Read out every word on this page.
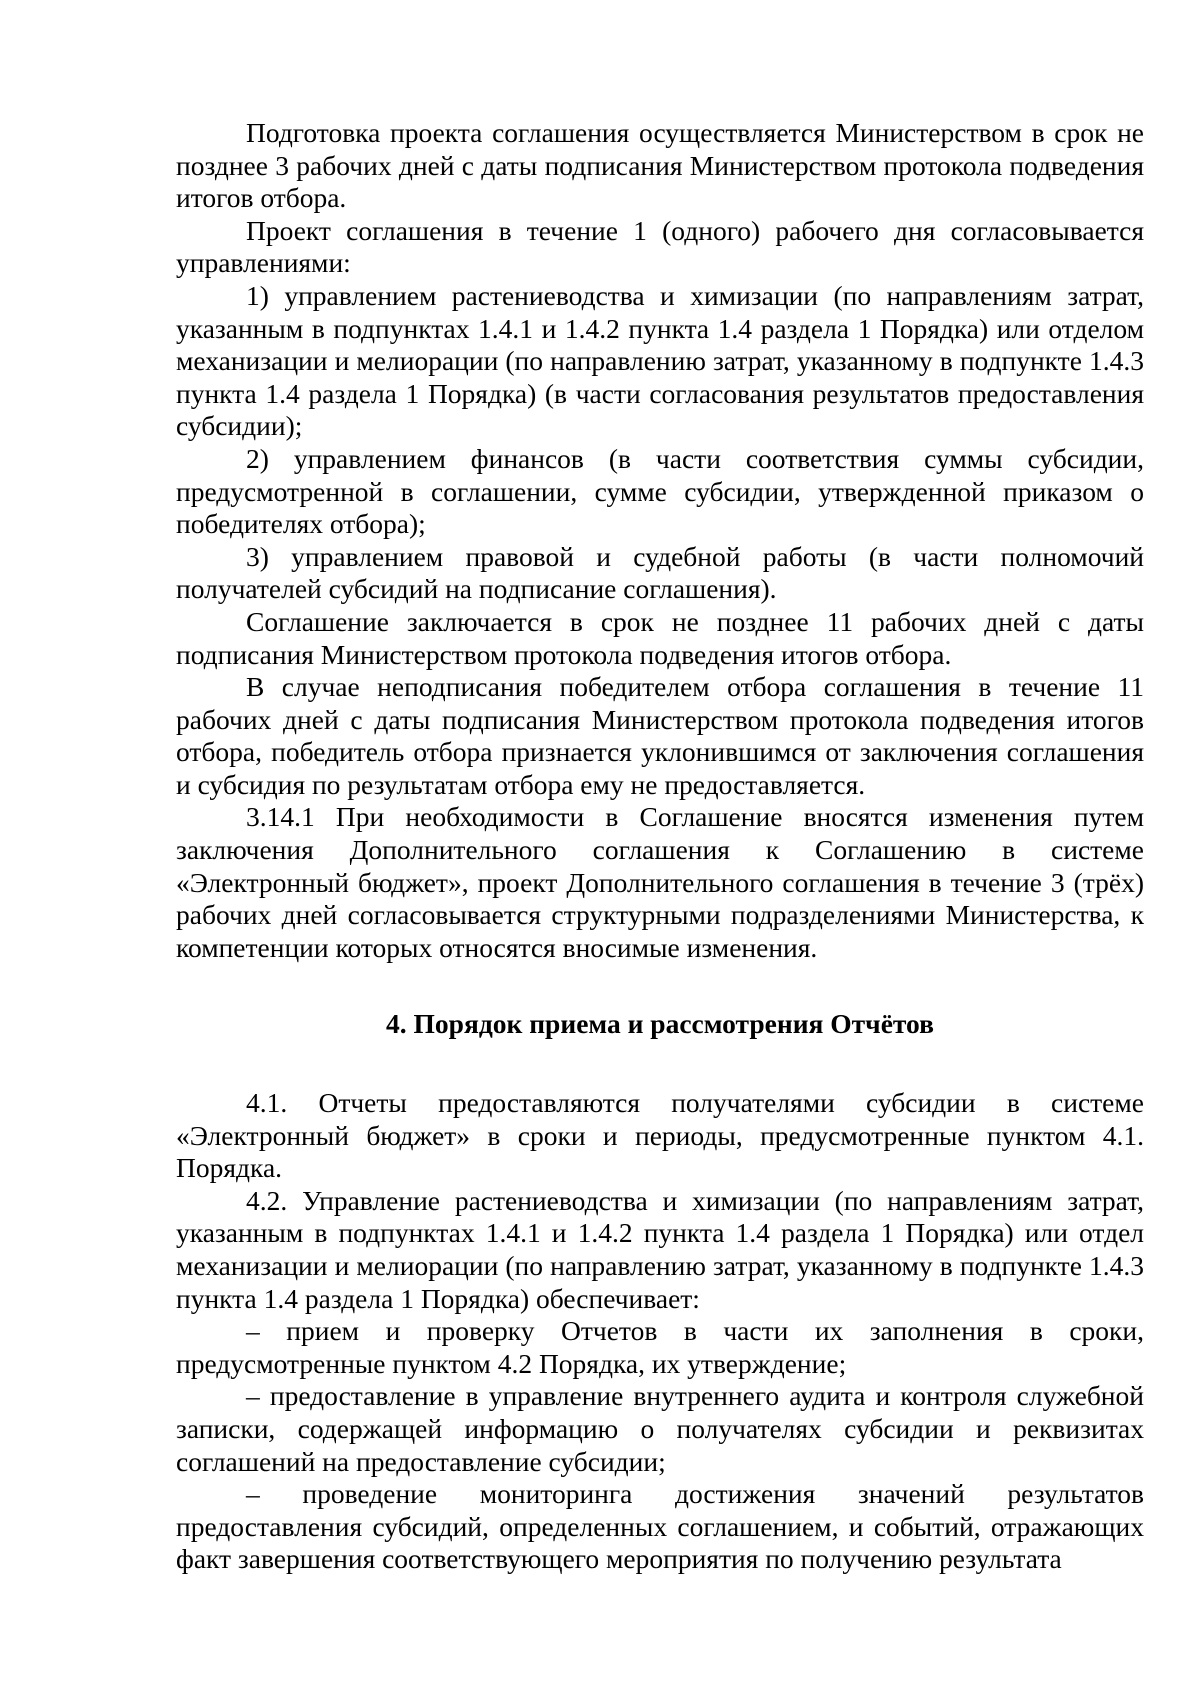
Подготовка проекта соглашения осуществляется Министерством в срок не позднее 3 рабочих дней с даты подписания Министерством протокола подведения итогов отбора.

Проект соглашения в течение 1 (одного) рабочего дня согласовывается управлениями:

1) управлением растениеводства и химизации (по направлениям затрат, указанным в подпунктах 1.4.1 и 1.4.2 пункта 1.4 раздела 1 Порядка) или отделом механизации и мелиорации (по направлению затрат, указанному в подпункте 1.4.3 пункта 1.4 раздела 1 Порядка) (в части согласования результатов предоставления субсидии);

2) управлением финансов (в части соответствия суммы субсидии, предусмотренной в соглашении, сумме субсидии, утвержденной приказом о победителях отбора);

3) управлением правовой и судебной работы (в части полномочий получателей субсидий на подписание соглашения).

Соглашение заключается в срок не позднее 11 рабочих дней с даты подписания Министерством протокола подведения итогов отбора.

В случае неподписания победителем отбора соглашения в течение 11 рабочих дней с даты подписания Министерством протокола подведения итогов отбора, победитель отбора признается уклонившимся от заключения соглашения и субсидия по результатам отбора ему не предоставляется.

3.14.1 При необходимости в Соглашение вносятся изменения путем заключения Дополнительного соглашения к Соглашению в системе «Электронный бюджет», проект Дополнительного соглашения в течение 3 (трёх) рабочих дней согласовывается структурными подразделениями Министерства, к компетенции которых относятся вносимые изменения.

4. Порядок приема и рассмотрения Отчётов

4.1. Отчеты предоставляются получателями субсидии в системе «Электронный бюджет» в сроки и периоды, предусмотренные пунктом 4.1. Порядка.

4.2. Управление растениеводства и химизации (по направлениям затрат, указанным в подпунктах 1.4.1 и 1.4.2 пункта 1.4 раздела 1 Порядка) или отдел механизации и мелиорации (по направлению затрат, указанному в подпункте 1.4.3 пункта 1.4 раздела 1 Порядка) обеспечивает:

– прием и проверку Отчетов в части их заполнения в сроки, предусмотренные пунктом 4.2 Порядка, их утверждение;

– предоставление в управление внутреннего аудита и контроля служебной записки, содержащей информацию о получателях субсидии и реквизитах соглашений на предоставление субсидии;

– проведение мониторинга достижения значений результатов предоставления субсидий, определенных соглашением, и событий, отражающих факт завершения соответствующего мероприятия по получению результата
